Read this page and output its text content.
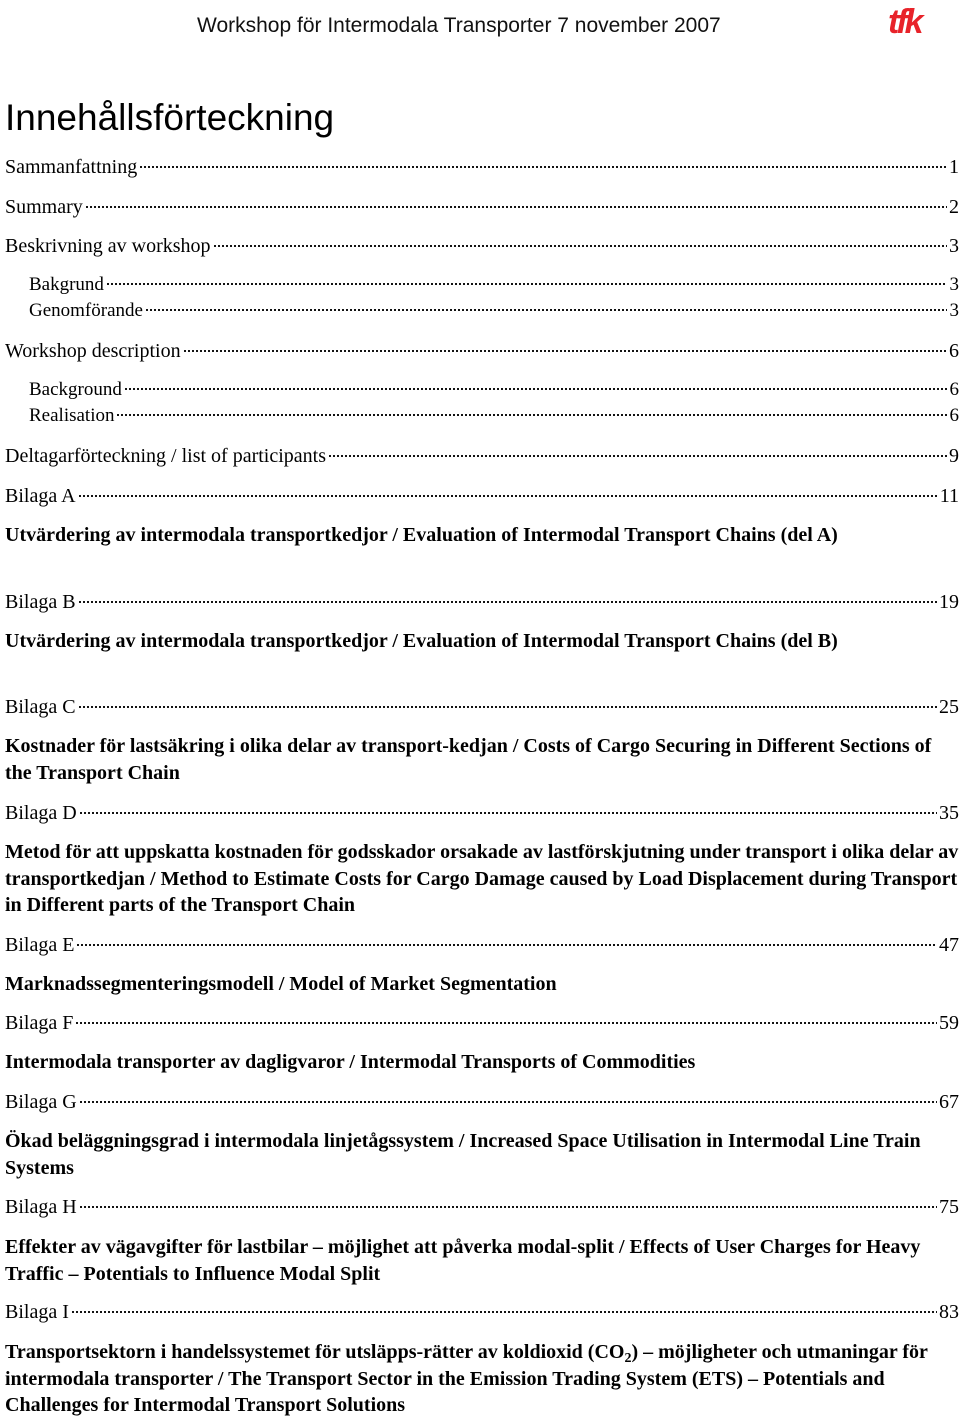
Workshop för Intermodala Transporter 7 november 2007	tfk
Innehållsförteckning
Sammanfattning	1
Summary	2
Beskrivning av workshop	3
Bakgrund	3
Genomförande	3
Workshop description	6
Background	6
Realisation	6
Deltagarförteckning / list of participants	9
Bilaga A	11
Utvärdering av intermodala transportkedjor / Evaluation of Intermodal Transport Chains (del A)
Bilaga B	19
Utvärdering av intermodala transportkedjor / Evaluation of Intermodal Transport Chains (del B)
Bilaga C	25
Kostnader för lastsäkring i olika delar av transport-kedjan / Costs of Cargo Securing in Different Sections of the Transport Chain
Bilaga D	35
Metod för att uppskatta kostnaden för godsskador orsakade av lastförskjutning under transport i olika delar av transportkedjan / Method to Estimate Costs for Cargo Damage caused by Load Displacement during Transport in Different parts of the Transport Chain
Bilaga E	47
Marknadssegmenteringsmodell / Model of Market Segmentation
Bilaga F	59
Intermodala transporter av dagligvaror / Intermodal Transports of Commodities
Bilaga G	67
Ökad beläggningsgrad i intermodala linjetågssystem / Increased Space Utilisation in Intermodal Line Train Systems
Bilaga H	75
Effekter av vägavgifter för lastbilar – möjlighet att påverka modal-split / Effects of User Charges for Heavy Traffic – Potentials to Influence Modal Split
Bilaga I	83
Transportsektorn i handelssystemet för utsläpps-rätter av koldioxid $(CO_2)$ – möjligheter och utmaningar för intermodala transporter / The Transport Sector in the Emission Trading System (ETS) – Potentials and Challenges for Intermodal Transport Solutions
